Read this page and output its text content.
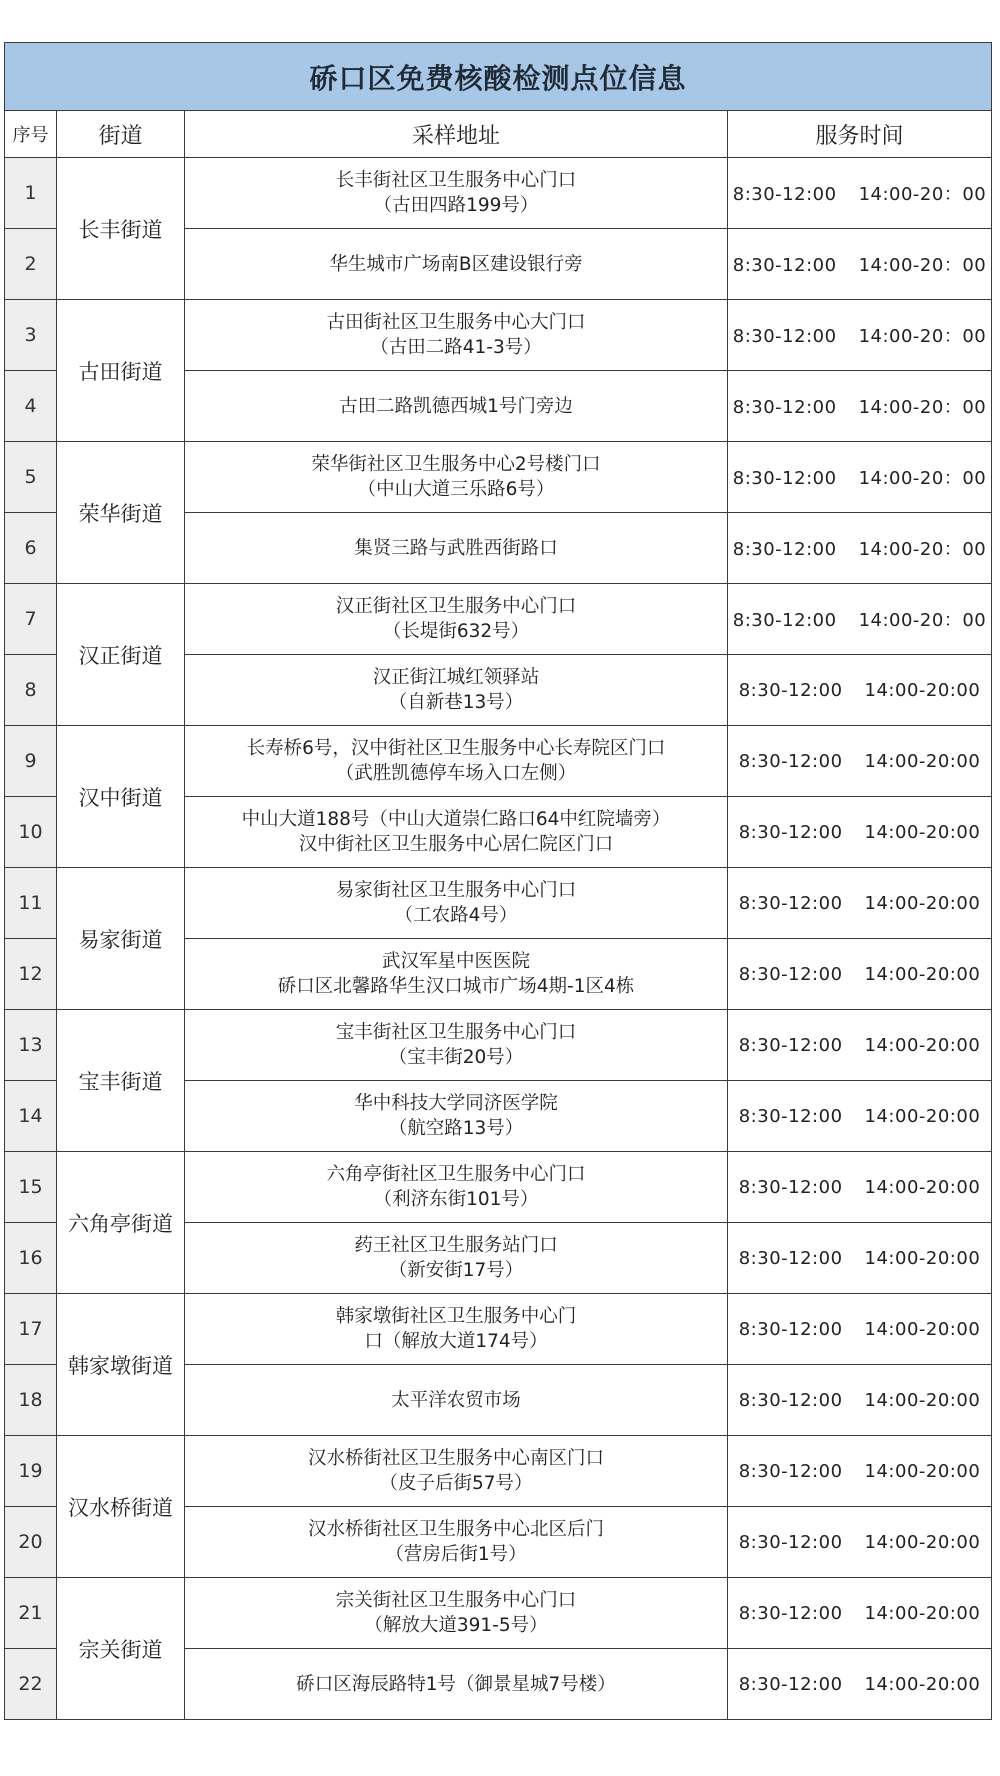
硚口区免费核酸检测点位信息			
序号	街道	采样地址	服务时间
1	长丰街道	长丰街社区卫生服务中心门口
（古田四路199号）	8:30-12:00 14:00-20：00
2		华生城市广场南B区建设银行旁	8:30-12:00 14:00-20：00
3	古田街道	古田街社区卫生服务中心大门口
（古田二路41-3号）	8:30-12:00 14:00-20：00
4		古田二路凯德西城1号门旁边	8:30-12:00 14:00-20：00
5	荣华街道	荣华街社区卫生服务中心2号楼门口
（中山大道三乐路6号）	8:30-12:00 14:00-20：00
6		集贤三路与武胜西街路口	8:30-12:00 14:00-20：00
7	汉正街道	汉正街社区卫生服务中心门口
（长堤街632号）	8:30-12:00 14:00-20：00
8		汉正街江城红领驿站
（自新巷13号）	8:30-12:00 14:00-20:00
9	汉中街道	长寿桥6号，汉中街社区卫生服务中心长寿院区门口
（武胜凯德停车场入口左侧）	8:30-12:00 14:00-20:00
10		中山大道188号（中山大道崇仁路口64中红院墙旁）
汉中街社区卫生服务中心居仁院区门口	8:30-12:00 14:00-20:00
11	易家街道	易家街社区卫生服务中心门口
（工农路4号）	8:30-12:00 14:00-20:00
12		武汉军星中医医院
硚口区北馨路华生汉口城市广场4期-1区4栋	8:30-12:00 14:00-20:00
13	宝丰街道	宝丰街社区卫生服务中心门口
（宝丰街20号）	8:30-12:00 14:00-20:00
14		华中科技大学同济医学院
（航空路13号）	8:30-12:00 14:00-20:00
15	六角亭街道	六角亭街社区卫生服务中心门口
（利济东街101号）	8:30-12:00 14:00-20:00
16		药王社区卫生服务站门口
（新安街17号）	8:30-12:00 14:00-20:00
17	韩家墩街道	韩家墩街社区卫生服务中心门
口（解放大道174号）	8:30-12:00 14:00-20:00
18		太平洋农贸市场	8:30-12:00 14:00-20:00
19	汉水桥街道	汉水桥街社区卫生服务中心南区门口
（皮子后街57号）	8:30-12:00 14:00-20:00
20		汉水桥街社区卫生服务中心北区后门
（营房后街1号）	8:30-12:00 14:00-20:00
21	宗关街道	宗关街社区卫生服务中心门口
（解放大道391-5号）	8:30-12:00 14:00-20:00
22		硚口区海辰路特1号（御景星城7号楼）	8:30-12:00 14:00-20:00
